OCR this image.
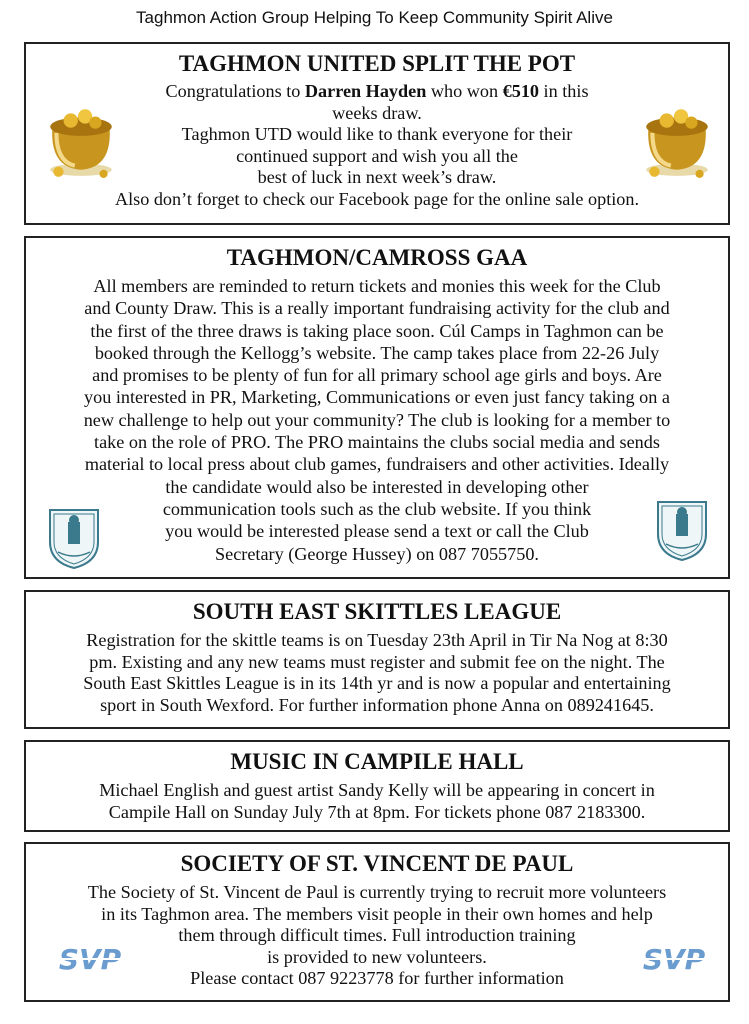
Taghmon Action Group Helping To Keep Community Spirit Alive
TAGHMON UNITED SPLIT THE POT
Congratulations to Darren Hayden who won €510 in this
weeks draw.
Taghmon UTD would like to thank everyone for their
continued support and wish you all the
best of luck in next week’s draw.
Also don’t forget to check our Facebook page for the online sale option.
TAGHMON/CAMROSS GAA
All members are reminded to return tickets and monies this week for the Club
and County Draw. This is a really important fundraising activity for the club and
the first of the three draws is taking place soon. Cúl Camps in Taghmon can be
booked through the Kellogg’s website. The camp takes place from 22-26 July
and promises to be plenty of fun for all primary school age girls and boys. Are
you interested in PR, Marketing, Communications or even just fancy taking on a
new challenge to help out your community? The club is looking for a member to
take on the role of PRO. The PRO maintains the clubs social media and sends
material to local press about club games, fundraisers and other activities. Ideally
the candidate would also be interested in developing other
communication tools such as the club website. If you think
you would be interested please send a text or call the Club
Secretary (George Hussey) on 087 7055750.
SOUTH EAST SKITTLES LEAGUE
Registration for the skittle teams is on Tuesday 23th April in Tir Na Nog at 8:30
pm. Existing and any new teams must register and submit fee on the night. The
South East Skittles League is in its 14th yr and is now a popular and entertaining
sport in South Wexford. For further information phone Anna on 089241645.
MUSIC IN CAMPILE HALL
Michael English and guest artist Sandy Kelly will be appearing in concert in
Campile Hall on Sunday July 7th at 8pm. For tickets phone 087 2183300.
SOCIETY OF ST. VINCENT DE PAUL
The Society of St. Vincent de Paul is currently trying to recruit more volunteers
in its Taghmon area. The members visit people in their own homes and help
them through difficult times. Full introduction training
is provided to new volunteers.
Please contact 087 9223778 for further information
SVP	SVP
